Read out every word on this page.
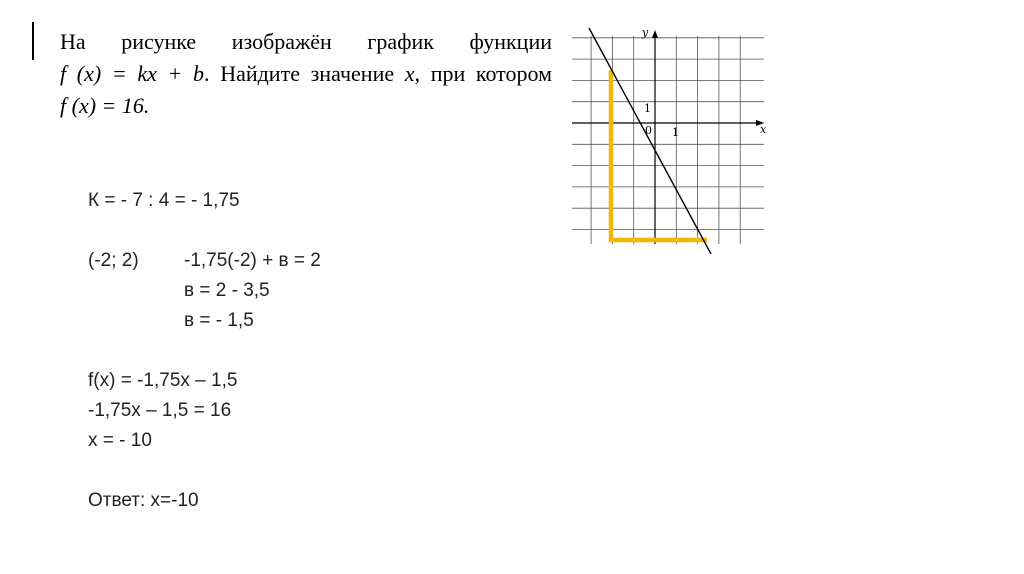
На рисунке изображён график функции
f (x) = kx + b. Найдите значение x, при котором
f (x) = 16.
К = - 7 : 4 = - 1,75
(-2; 2) -1,75(-2) + в = 2
в = 2 - 3,5
в = - 1,5
f(x) = -1,75x – 1,5
-1,75x – 1,5 = 16
x = - 10
Ответ: x=-10
x
y
0 1
1
